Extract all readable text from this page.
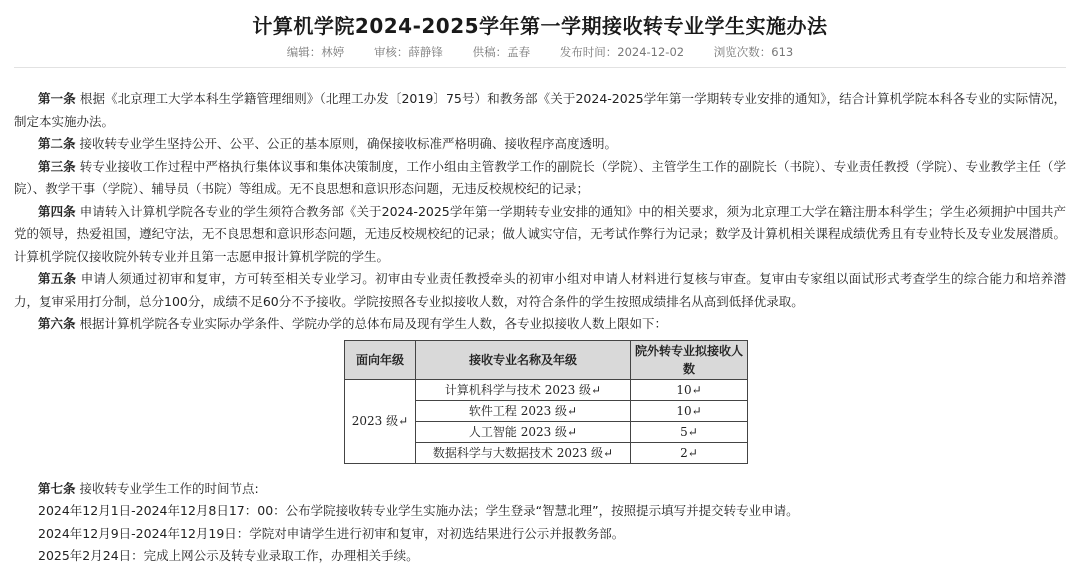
计算机学院2024-2025学年第一学期接收转专业学生实施办法
编辑：林婷	审核：薛静锋	供稿：孟春	发布时间：2024-12-02	浏览次数：613

第一条 根据《北京理工大学本科生学籍管理细则》（北理工办发〔2019〕75号）和教务部《关于2024-2025学年第一学期转专业安排的通知》，结合计算机学院本科各专业的实际情况，制定本实施办法。

第二条 接收转专业学生坚持公开、公平、公正的基本原则，确保接收标准严格明确、接收程序高度透明。

第三条 转专业接收工作过程中严格执行集体议事和集体决策制度，工作小组由主管教学工作的副院长（学院）、主管学生工作的副院长（书院）、专业责任教授（学院）、专业教学主任（学院）、教学干事（学院）、辅导员（书院）等组成。无不良思想和意识形态问题，无违反校规校纪的记录；

第四条 申请转入计算机学院各专业的学生须符合教务部《关于2024-2025学年第一学期转专业安排的通知》中的相关要求，须为北京理工大学在籍注册本科学生；学生必须拥护中国共产党的领导，热爱祖国，遵纪守法，无不良思想和意识形态问题，无违反校规校纪的记录；做人诚实守信，无考试作弊行为记录；数学及计算机相关课程成绩优秀且有专业特长及专业发展潜质。计算机学院仅接收院外转专业并且第一志愿申报计算机学院的学生。

第五条 申请人须通过初审和复审，方可转至相关专业学习。初审由专业责任教授牵头的初审小组对申请人材料进行复核与审查。复审由专家组以面试形式考查学生的综合能力和培养潜力，复审采用打分制，总分100分，成绩不足60分不予接收。学院按照各专业拟接收人数，对符合条件的学生按照成绩排名从高到低择优录取。

第六条 根据计算机学院各专业实际办学条件、学院办学的总体布局及现有学生人数，各专业拟接收人数上限如下：

面向年级	接收专业名称及年级	院外转专业拟接收人数
2023 级↵	计算机科学与技术 2023 级↵	10↵
	软件工程 2023 级↵	10↵
	人工智能 2023 级↵	5↵
	数据科学与大数据技术 2023 级↵	2↵

第七条 接收转专业学生工作的时间节点:

2024年12月1日-2024年12月8日17：00：公布学院接收转专业学生实施办法；学生登录“智慧北理”，按照提示填写并提交转专业申请。

2024年12月9日-2024年12月19日：学院对申请学生进行初审和复审，对初选结果进行公示并报教务部。

2025年2月24日：完成上网公示及转专业录取工作，办理相关手续。
